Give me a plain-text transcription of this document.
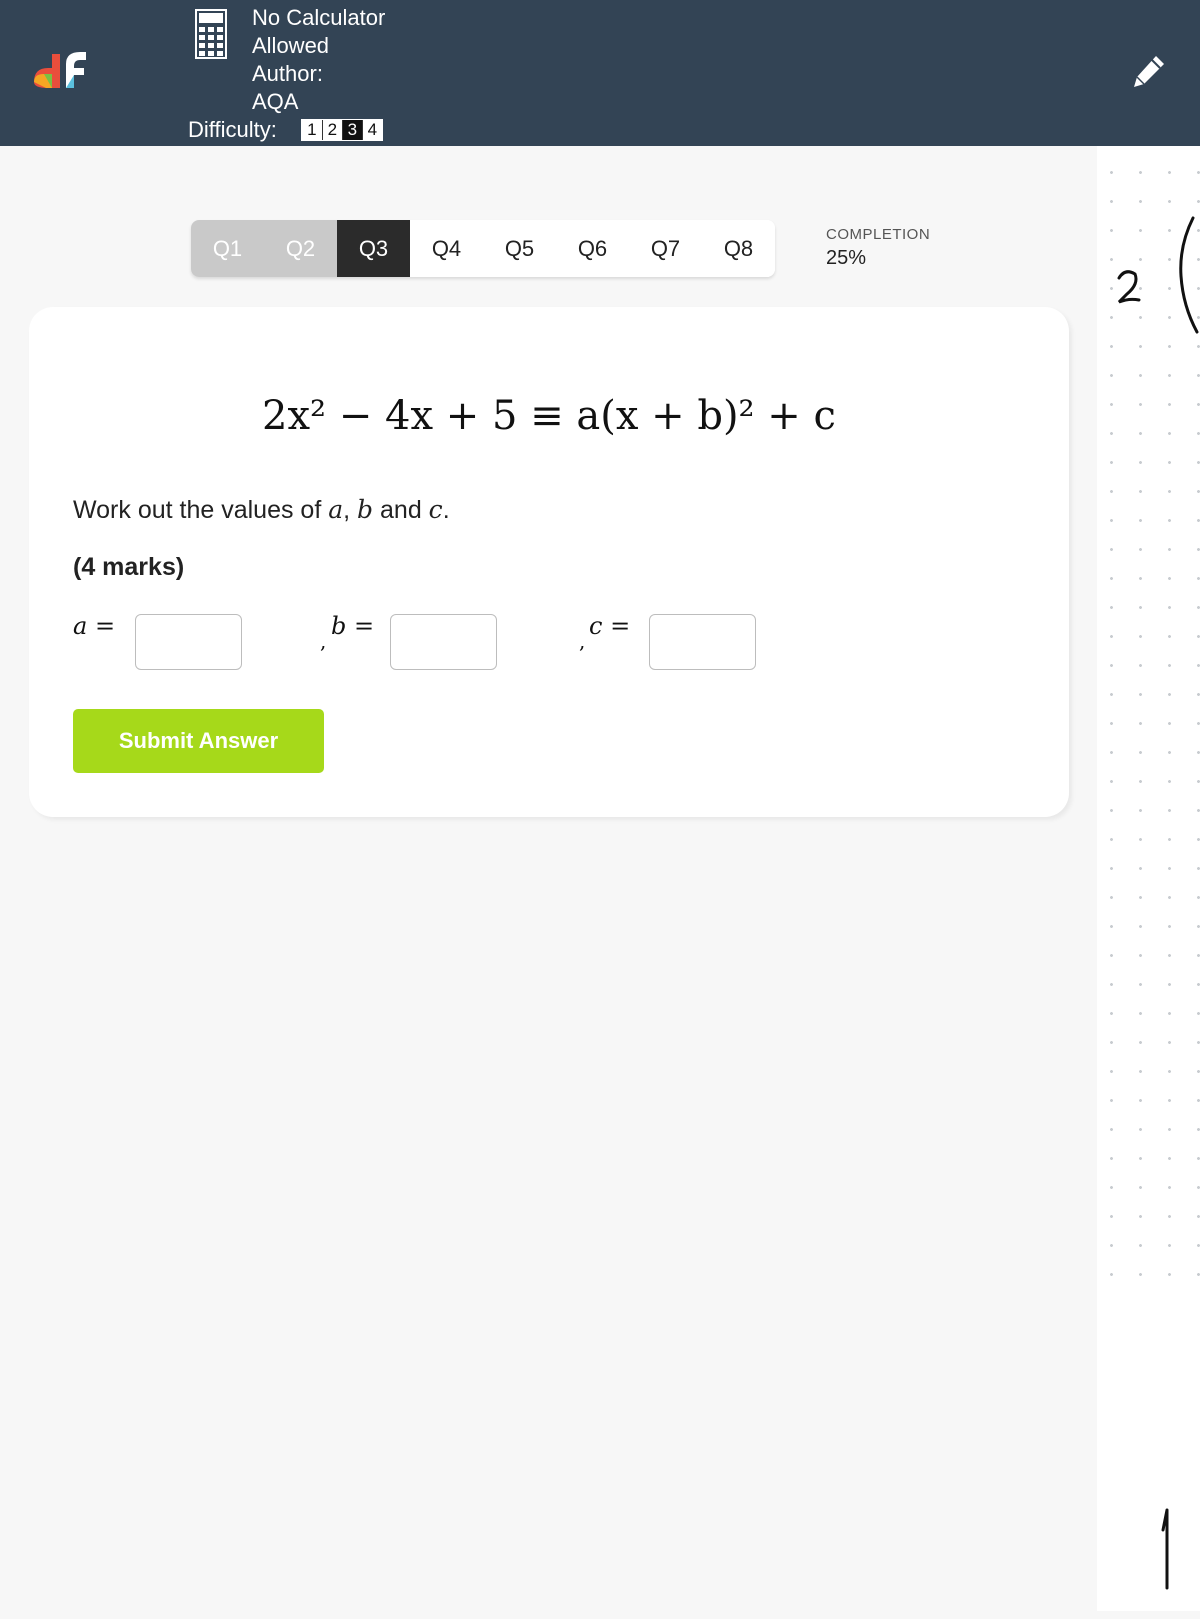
No Calculator
Allowed
Author:
AQA
Difficulty:	1 2 3 4
Q1	Q2	Q3	Q4	Q5	Q6	Q7	Q8
COMPLETION
25%
2x² − 4x + 5 ≡ a(x + b)² + c
Work out the values of a, b and c.
(4 marks)
a =
,
b =
,
c =
Submit Answer
